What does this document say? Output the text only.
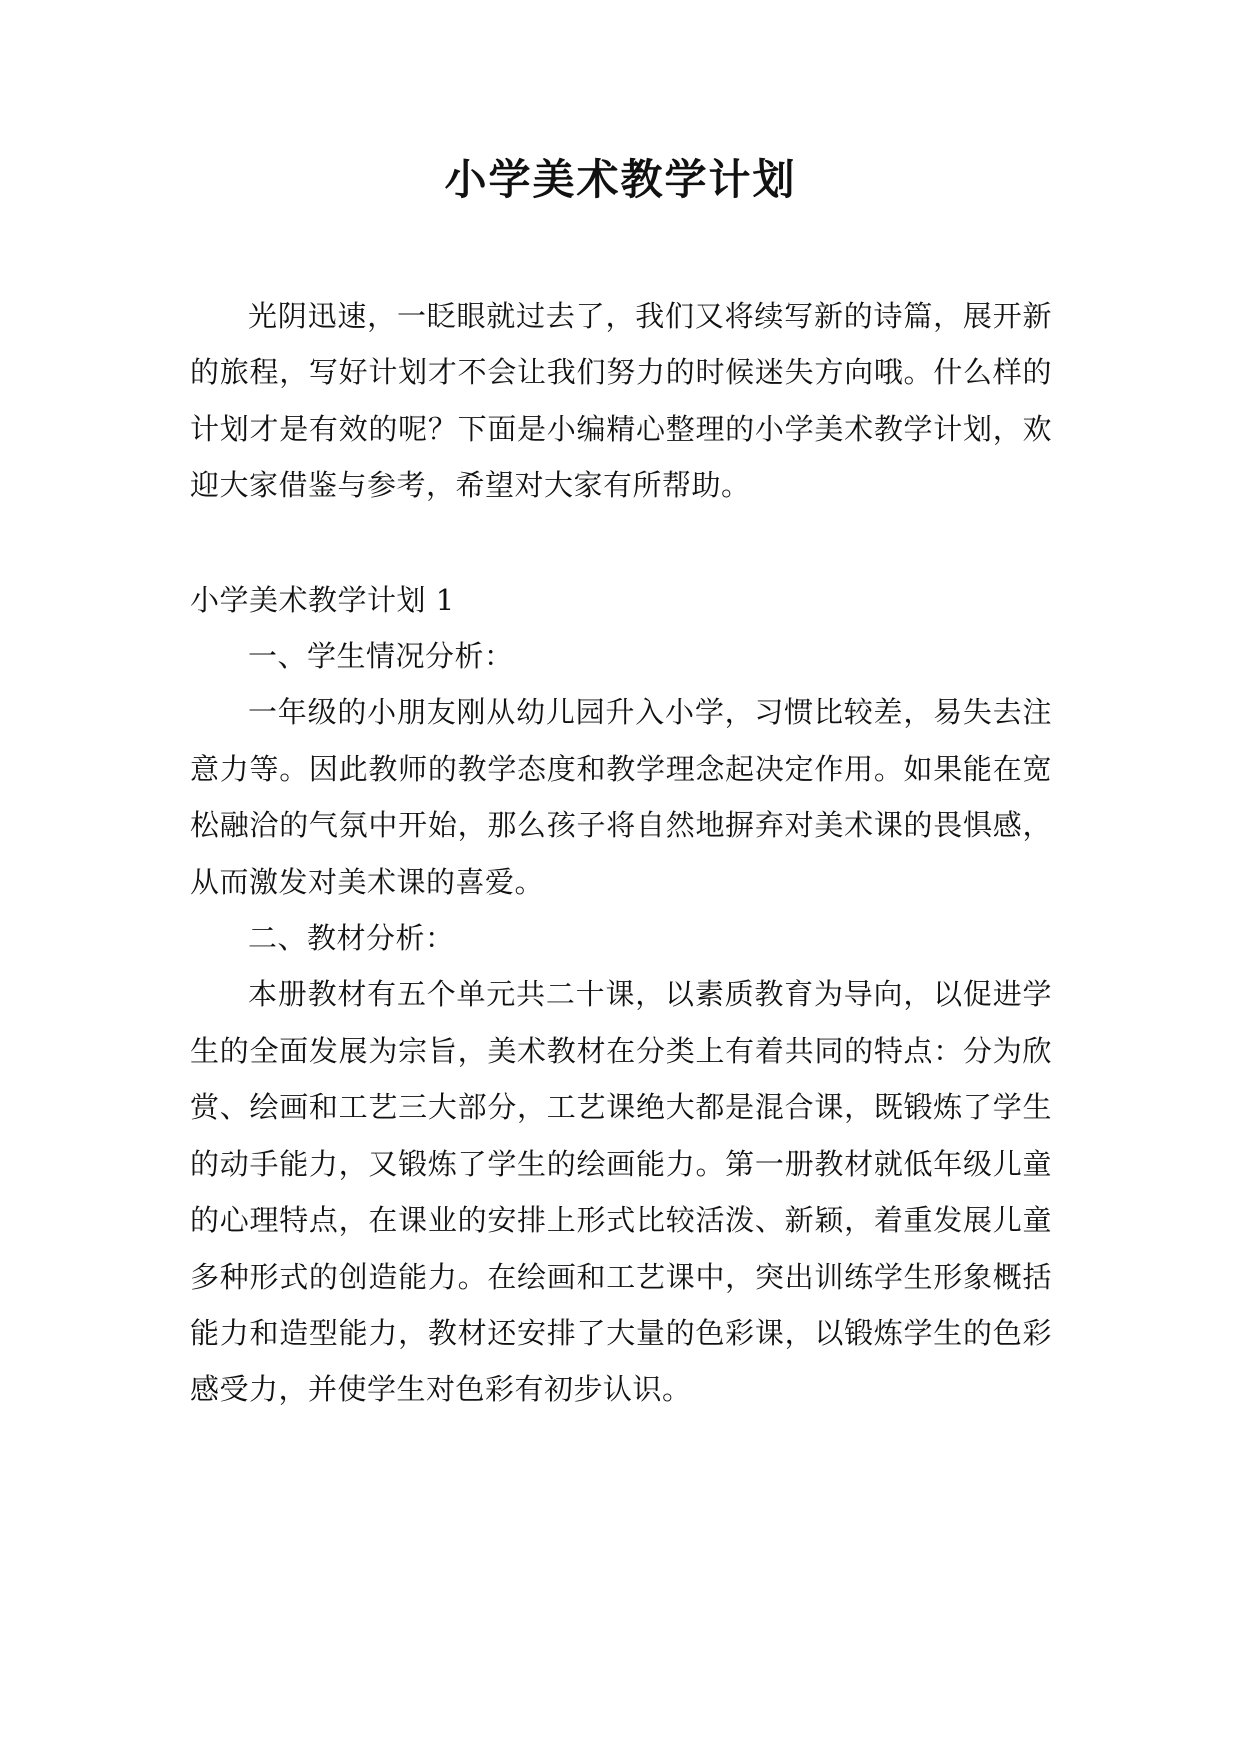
小学美术教学计划

光阴迅速，一眨眼就过去了，我们又将续写新的诗篇，展开新的旅程，写好计划才不会让我们努力的时候迷失方向哦。什么样的计划才是有效的呢？下面是小编精心整理的小学美术教学计划，欢迎大家借鉴与参考，希望对大家有所帮助。

小学美术教学计划 1

一、学生情况分析：

一年级的小朋友刚从幼儿园升入小学，习惯比较差，易失去注意力等。因此教师的教学态度和教学理念起决定作用。如果能在宽松融洽的气氛中开始，那么孩子将自然地摒弃对美术课的畏惧感，从而激发对美术课的喜爱。

二、教材分析：

本册教材有五个单元共二十课，以素质教育为导向，以促进学生的全面发展为宗旨，美术教材在分类上有着共同的特点：分为欣赏、绘画和工艺三大部分，工艺课绝大都是混合课，既锻炼了学生的动手能力，又锻炼了学生的绘画能力。第一册教材就低年级儿童的心理特点，在课业的安排上形式比较活泼、新颖，着重发展儿童多种形式的创造能力。在绘画和工艺课中，突出训练学生形象概括能力和造型能力，教材还安排了大量的色彩课，以锻炼学生的色彩感受力，并使学生对色彩有初步认识。
